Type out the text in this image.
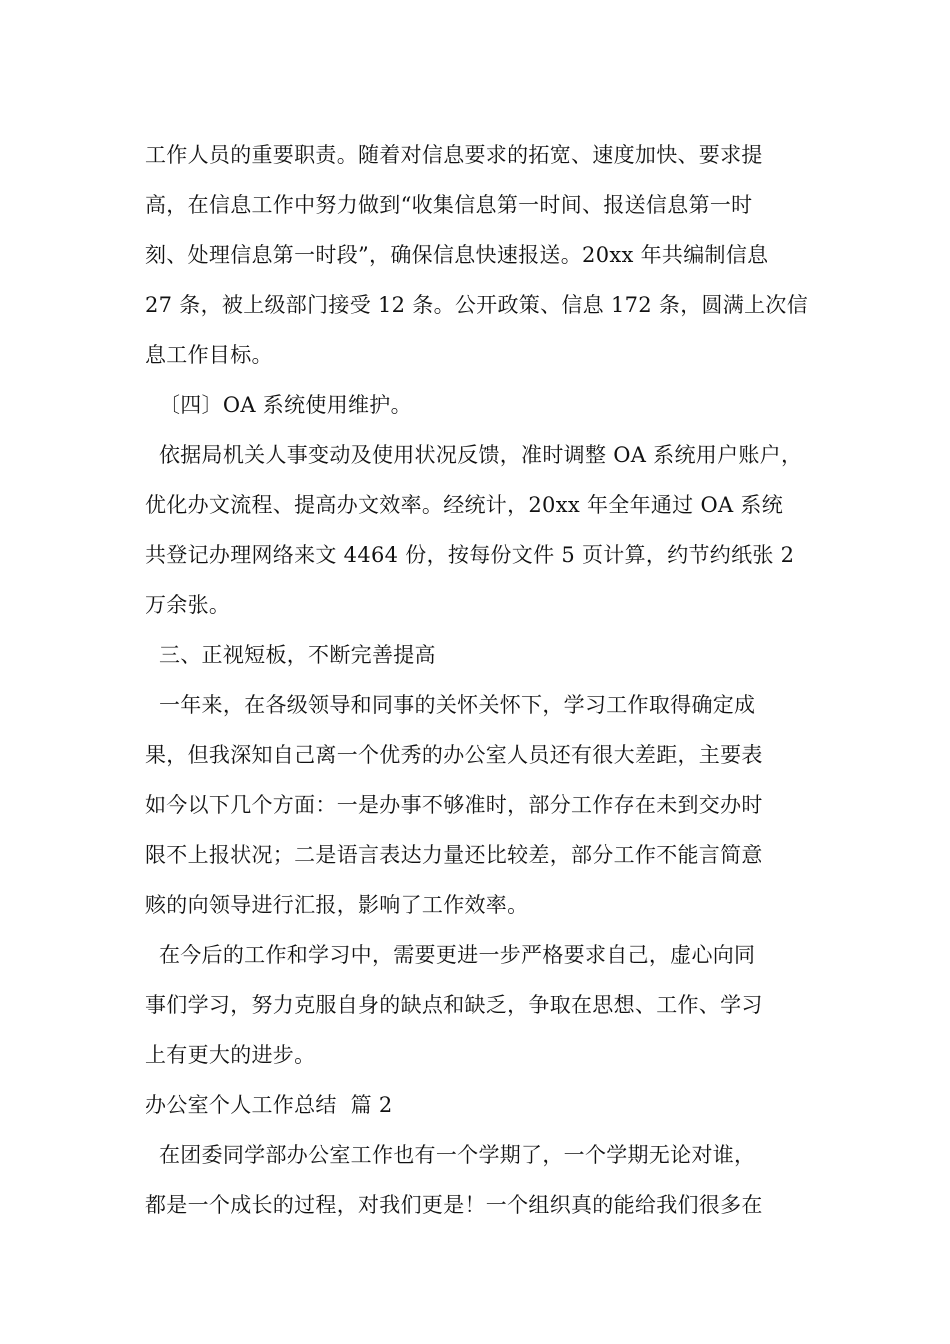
工作人员的重要职责。随着对信息要求的拓宽、速度加快、要求提
高，在信息工作中努力做到“收集信息第一时间、报送信息第一时
刻、处理信息第一时段”，确保信息快速报送。20xx 年共编制信息
27 条，被上级部门接受 12 条。公开政策、信息 172 条，圆满上次信
息工作目标。
〔四〕OA 系统使用维护。
依据局机关人事变动及使用状况反馈，准时调整 OA 系统用户账户，
优化办文流程、提高办文效率。经统计，20xx 年全年通过 OA 系统
共登记办理网络来文 4464 份，按每份文件 5 页计算，约节约纸张 2
万余张。
三、正视短板，不断完善提高
一年来，在各级领导和同事的关怀关怀下，学习工作取得确定成
果，但我深知自己离一个优秀的办公室人员还有很大差距，主要表
如今以下几个方面：一是办事不够准时，部分工作存在未到交办时
限不上报状况；二是语言表达力量还比较差，部分工作不能言简意
赅的向领导进行汇报，影响了工作效率。
在今后的工作和学习中，需要更进一步严格要求自己，虚心向同
事们学习，努力克服自身的缺点和缺乏，争取在思想、工作、学习
上有更大的进步。
办公室个人工作总结  篇 2
在团委同学部办公室工作也有一个学期了，一个学期无论对谁，
都是一个成长的过程，对我们更是！一个组织真的能给我们很多在
